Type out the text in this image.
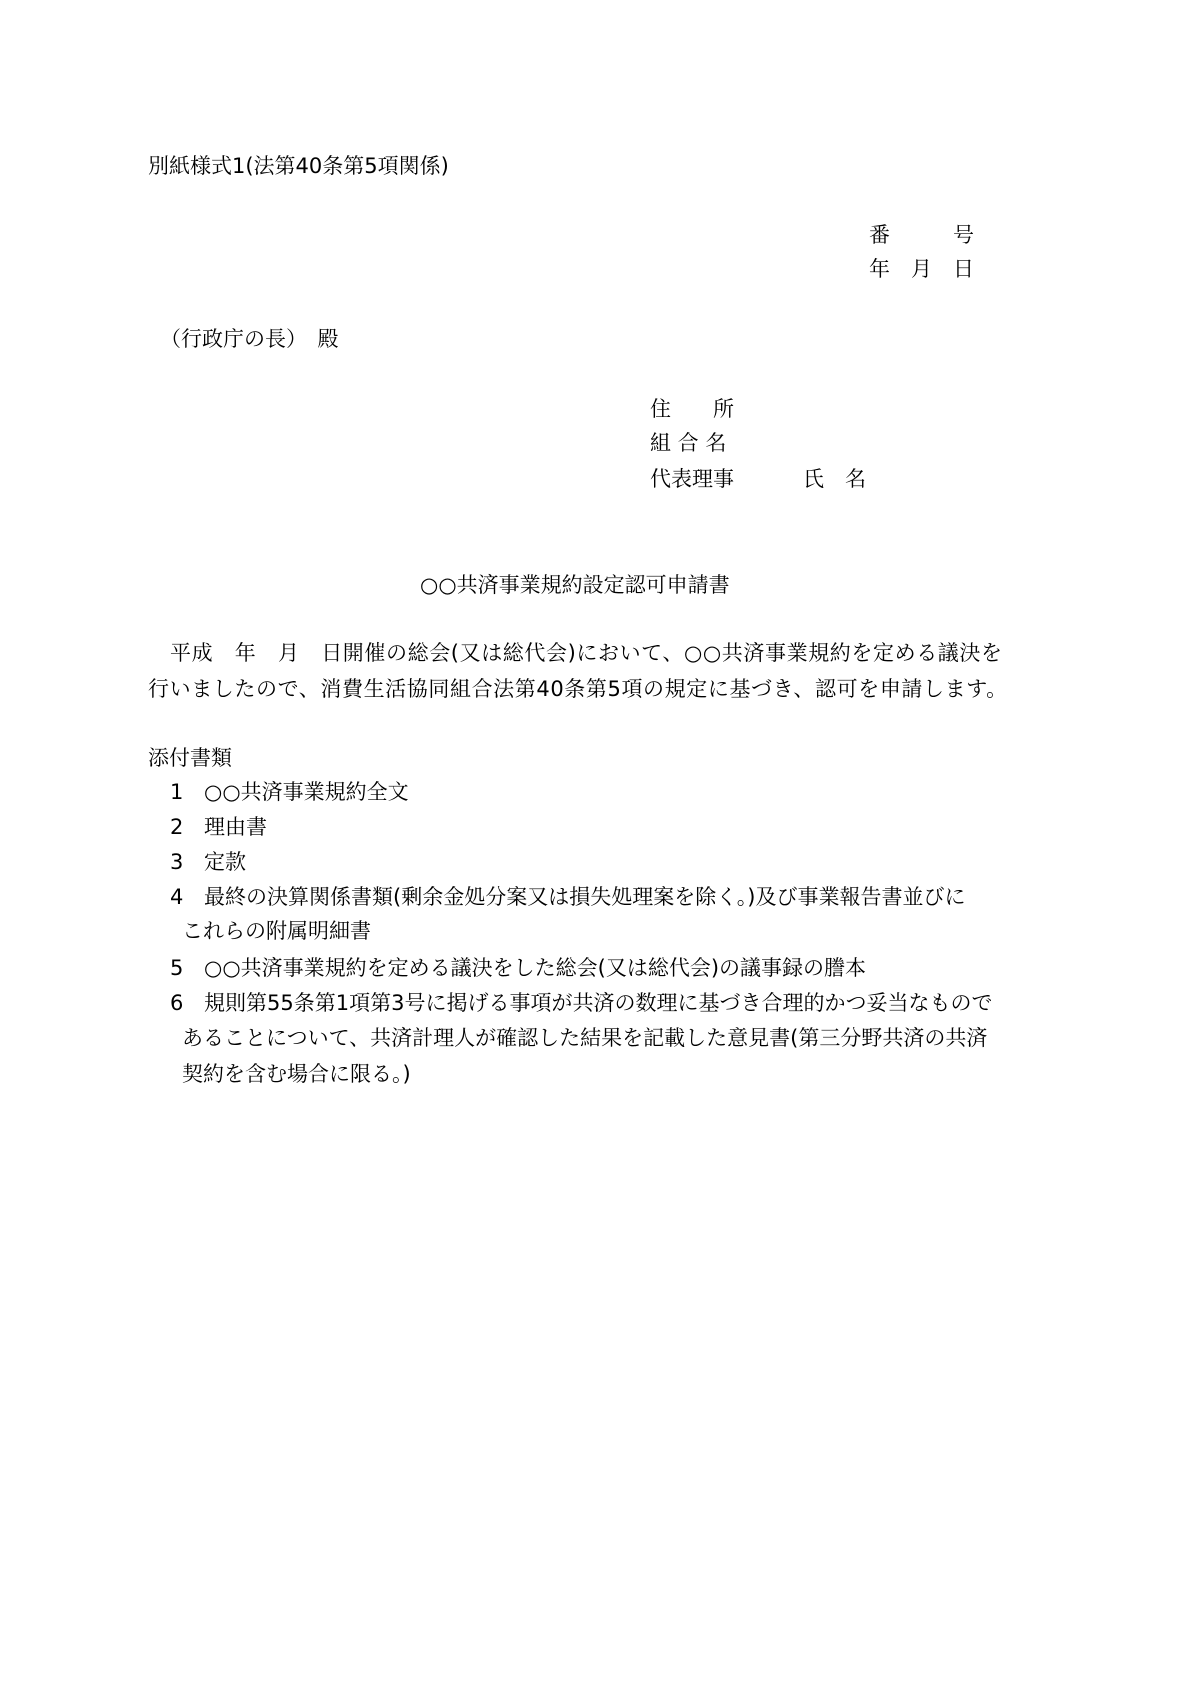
別紙様式1(法第40条第5項関係)

番　　　号

年　月　日

（行政庁の長）　殿

住　　所

組 合 名

代表理事	氏　名

○○共済事業規約設定認可申請書

平成　年　月　日開催の総会(又は総代会)において、○○共済事業規約を定める議決を

行いましたので、消費生活協同組合法第40条第5項の規定に基づき、認可を申請します。

添付書類

1 ○○共済事業規約全文
2 理由書
3 定款
4 最終の決算関係書類(剰余金処分案又は損失処理案を除く。)及び事業報告書並びに
これらの附属明細書
5 ○○共済事業規約を定める議決をした総会(又は総代会)の議事録の謄本
6 規則第55条第1項第3号に掲げる事項が共済の数理に基づき合理的かつ妥当なもので
あることについて、共済計理人が確認した結果を記載した意見書(第三分野共済の共済
契約を含む場合に限る。)
